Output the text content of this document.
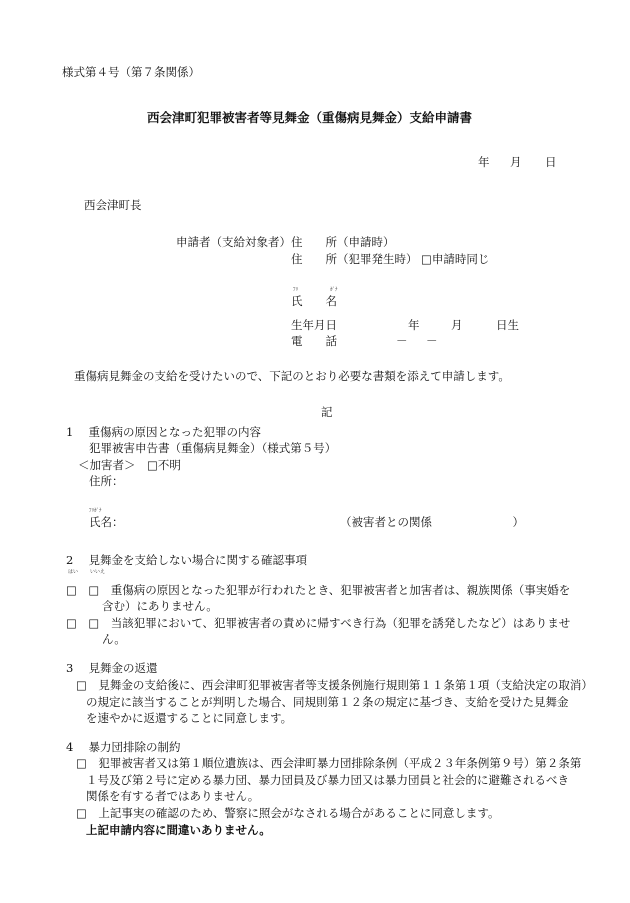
様式第４号（第７条関係）
西会津町犯罪被害者等見舞金（重傷病見舞金）支給申請書
年 月 日
西会津町長
申請者（支給対象者） 住　　所（申請時）
住　　所（犯罪発生時） □申請時同じ
ﾌﾘ	ｶﾞﾅ
氏　　名
生年月日	年	月	日生
電　　話	－ －
重傷病見舞金の支給を受けたいので、下記のとおり必要な書類を添えて申請します。
記
1　 重傷病の原因となった犯罪の内容
犯罪被害申告書（重傷病見舞金）（様式第５号）
＜加害者＞　□不明
住所：
ﾌﾘｶﾞﾅ
氏名：	（被害者との関係　　　　　　　）
2　 見舞金を支給しない場合に関する確認事項
はい いいえ
□　□　重傷病の原因となった犯罪が行われたとき、犯罪被害者と加害者は、親族関係（事実婚を
含む）にありません。
□　□　当該犯罪において、犯罪被害者の責めに帰すべき行為（犯罪を誘発したなど）はありませ
ん。
3　 見舞金の返還
□　見舞金の支給後に、西会津町犯罪被害者等支援条例施行規則第１１条第１項（支給決定の取消）
の規定に該当することが判明した場合、同規則第１２条の規定に基づき、支給を受けた見舞金
を速やかに返還することに同意します。
4　 暴力団排除の制約
□　犯罪被害者又は第１順位遺族は、西会津町暴力団排除条例（平成２３年条例第９号）第２条第
１号及び第２号に定める暴力団、暴力団員及び暴力団又は暴力団員と社会的に避難されるべき
関係を有する者ではありません。
□　上記事実の確認のため、警察に照会がなされる場合があることに同意します。
上記申請内容に間違いありません。
